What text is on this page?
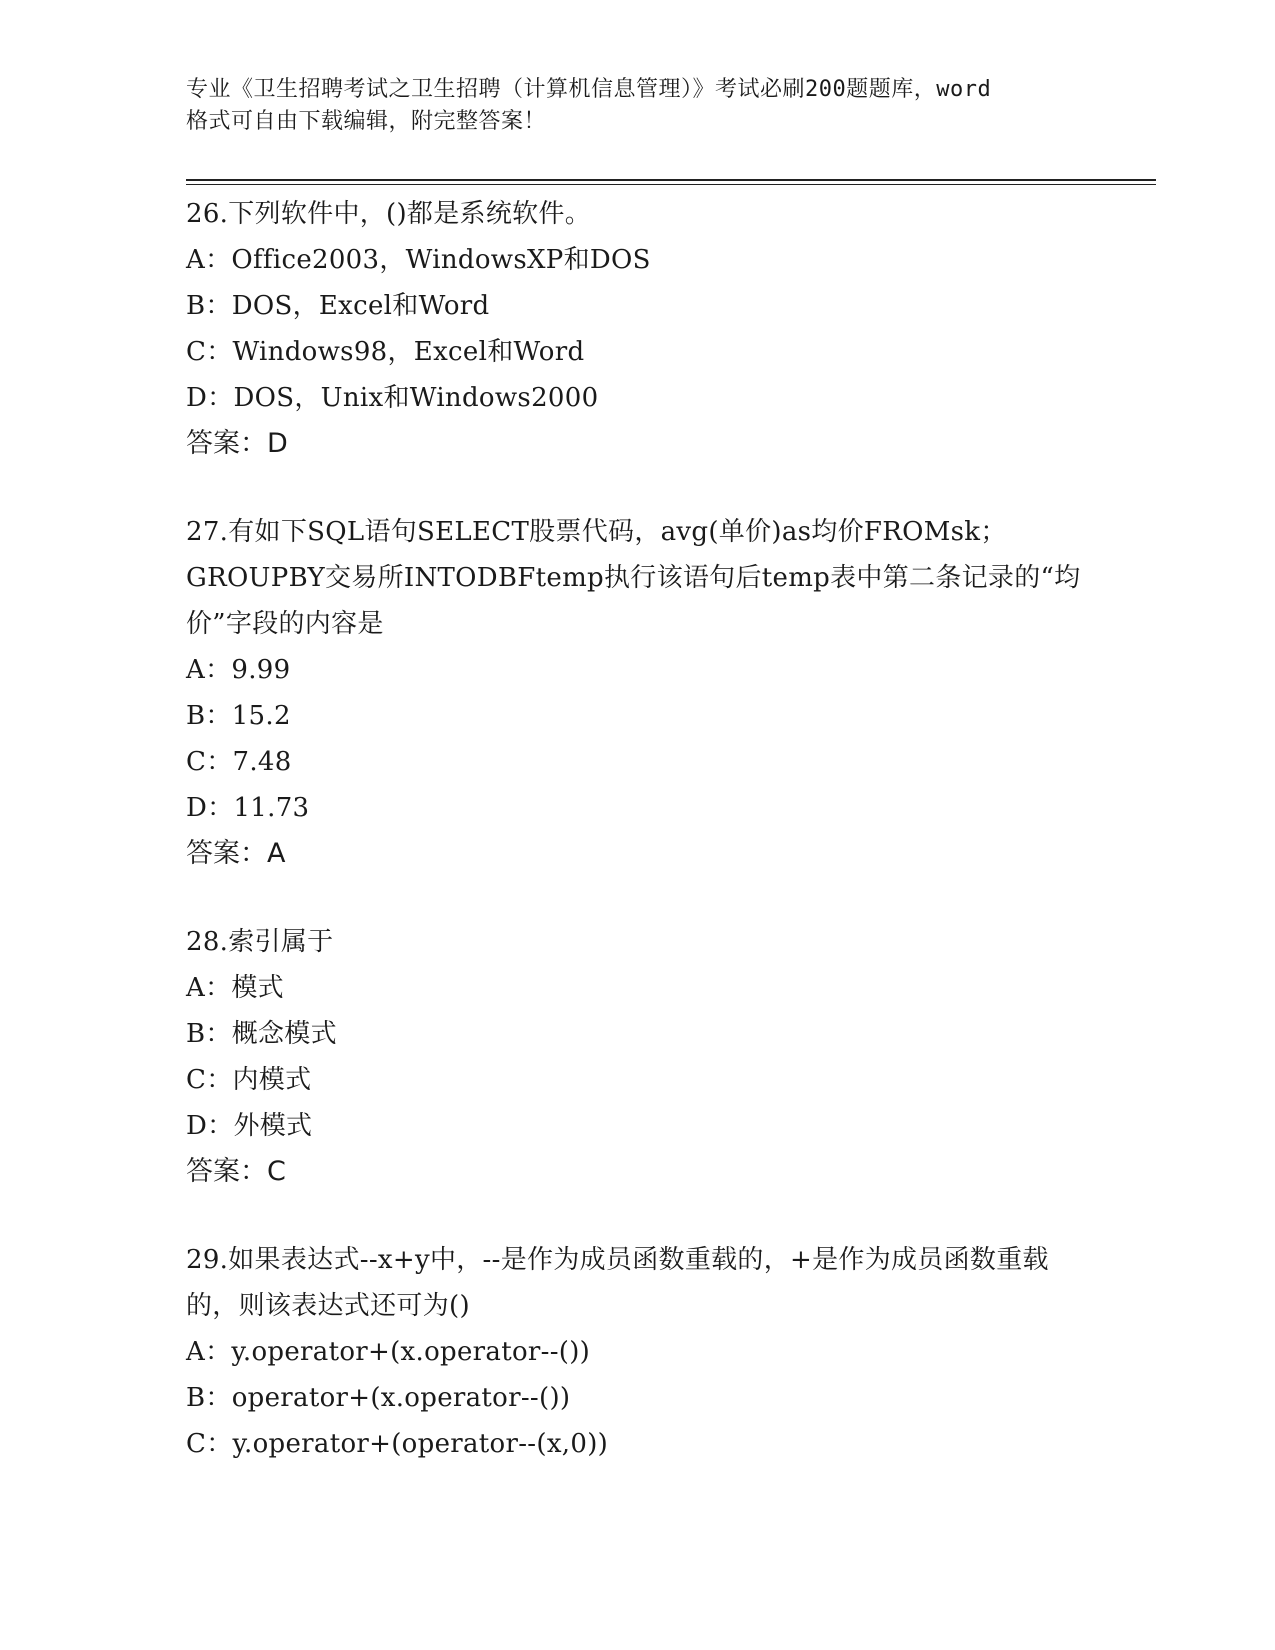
专业《卫生招聘考试之卫生招聘（计算机信息管理）》考试必刷200题题库，word
格式可自由下载编辑，附完整答案！
26.下列软件中，()都是系统软件。
A：Office2003，WindowsXP和DOS
B：DOS，Excel和Word
C：Windows98，Excel和Word
D：DOS，Unix和Windows2000
答案：D
27.有如下SQL语句SELECT股票代码，avg(单价)as均价FROMsk；GROUPBY交易所INTODBFtemp执行该语句后temp表中第二条记录的“均价”字段的内容是
A：9.99
B：15.2
C：7.48
D：11.73
答案：A
28.索引属于
A：模式
B：概念模式
C：内模式
D：外模式
答案：C
29.如果表达式--x+y中，--是作为成员函数重载的，+是作为成员函数重载的，则该表达式还可为()
A：y.operator+(x.operator--())
B：operator+(x.operator--())
C：y.operator+(operator--(x,0))
